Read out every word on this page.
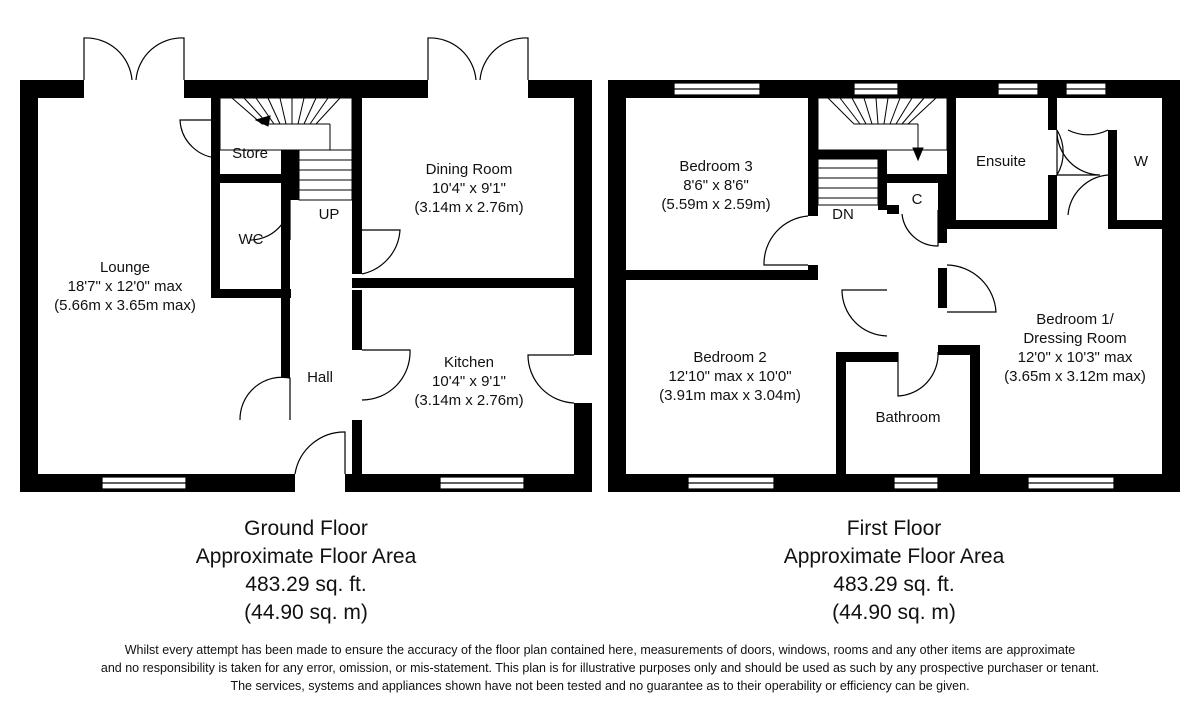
Lounge
18'7" x 12'0" max
(5.66m x 3.65m max)
Store
WC
UP
Hall
Dining Room
10'4" x 9'1"
(3.14m x 2.76m)
Kitchen
10'4" x 9'1"
(3.14m x 2.76m)
Bedroom 3
8'6" x 8'6"
(5.59m x 2.59m)
DN
C
Ensuite	W
Bedroom 2
12'10" max x 10'0"
(3.91m max x 3.04m)
Bathroom
Bedroom 1/
Dressing Room
12'0" x 10'3" max
(3.65m x 3.12m max)
Ground Floor
Approximate Floor Area
483.29 sq. ft.
(44.90 sq. m)
First Floor
Approximate Floor Area
483.29 sq. ft.
(44.90 sq. m)
Whilst every attempt has been made to ensure the accuracy of the floor plan contained here, measurements of doors, windows, rooms and any other items are approximate
and no responsibility is taken for any error, omission, or mis-statement. This plan is for illustrative purposes only and should be used as such by any prospective purchaser or tenant.
The services, systems and appliances shown have not been tested and no guarantee as to their operability or efficiency can be given.
